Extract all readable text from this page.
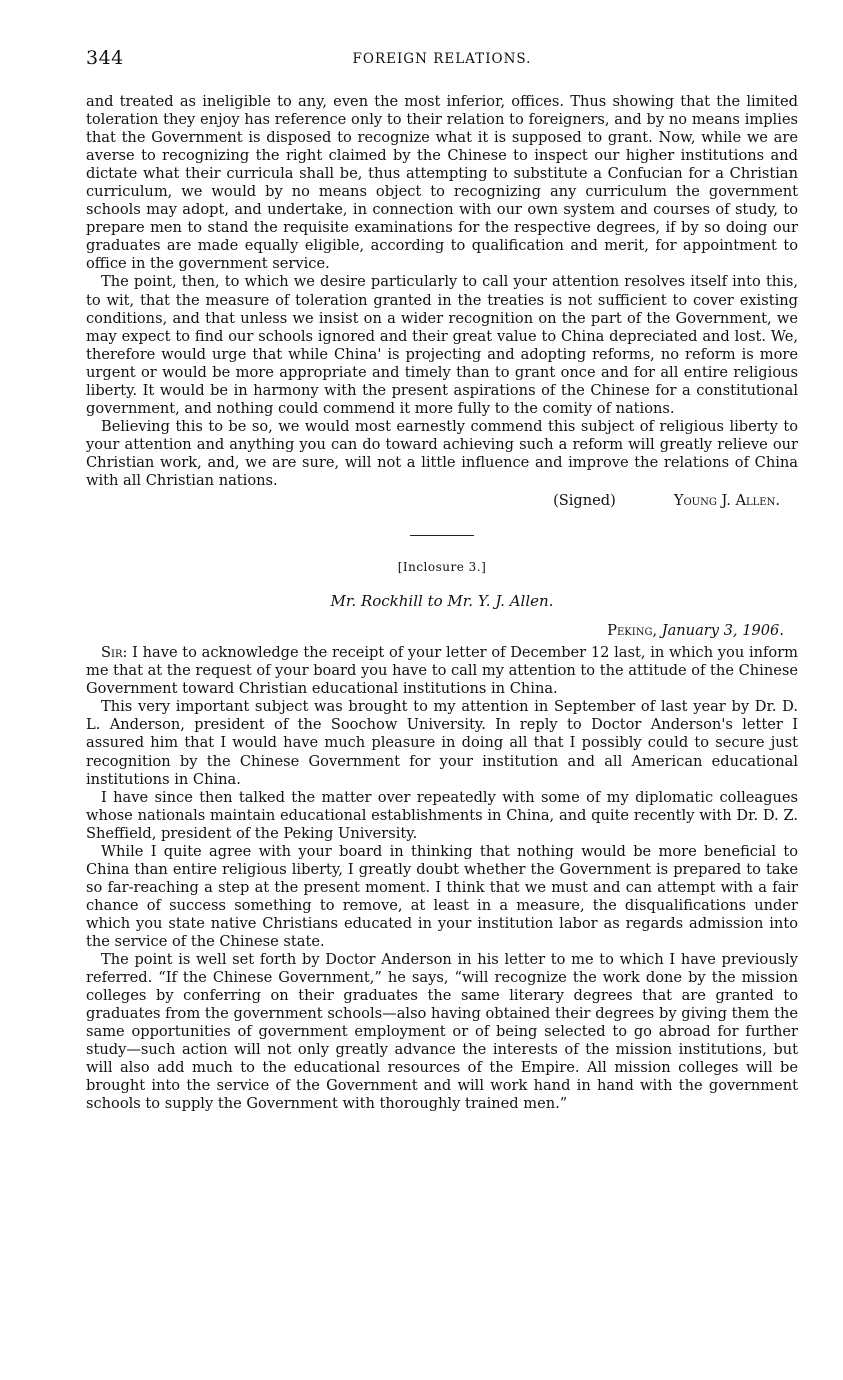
344	FOREIGN RELATIONS.

and treated as ineligible to any, even the most inferior, offices. Thus showing that the limited toleration they enjoy has reference only to their relation to foreigners, and by no means implies that the Government is disposed to recognize what it is supposed to grant. Now, while we are averse to recognizing the right claimed by the Chinese to inspect our higher institutions and dictate what their curricula shall be, thus attempting to substitute a Confucian for a Christian curriculum, we would by no means object to recognizing any curriculum the government schools may adopt, and undertake, in connection with our own system and courses of study, to prepare men to stand the requisite examinations for the respective degrees, if by so doing our graduates are made equally eligible, according to qualification and merit, for appointment to office in the government service.

The point, then, to which we desire particularly to call your attention resolves itself into this, to wit, that the measure of toleration granted in the treaties is not sufficient to cover existing conditions, and that unless we insist on a wider recognition on the part of the Government, we may expect to find our schools ignored and their great value to China depreciated and lost. We, therefore would urge that while China' is projecting and adopting reforms, no reform is more urgent or would be more appropriate and timely than to grant once and for all entire religious liberty. It would be in harmony with the present aspirations of the Chinese for a constitutional government, and nothing could commend it more fully to the comity of nations.

Believing this to be so, we would most earnestly commend this subject of religious liberty to your attention and anything you can do toward achieving such a reform will greatly relieve our Christian work, and, we are sure, will not a little influence and improve the relations of China with all Christian nations.

(Signed)	Young J. Allen.
[Inclosure 3.]
Mr. Rockhill to Mr. Y. J. Allen.
Peking, January 3, 1906.

Sir: I have to acknowledge the receipt of your letter of December 12 last, in which you inform me that at the request of your board you have to call my attention to the attitude of the Chinese Government toward Christian educational institutions in China.

This very important subject was brought to my attention in September of last year by Dr. D. L. Anderson, president of the Soochow University. In reply to Doctor Anderson's letter I assured him that I would have much pleasure in doing all that I possibly could to secure just recognition by the Chinese Government for your institution and all American educational institutions in China.

I have since then talked the matter over repeatedly with some of my diplomatic colleagues whose nationals maintain educational establishments in China, and quite recently with Dr. D. Z. Sheffield, president of the Peking University.

While I quite agree with your board in thinking that nothing would be more beneficial to China than entire religious liberty, I greatly doubt whether the Government is prepared to take so far-reaching a step at the present moment. I think that we must and can attempt with a fair chance of success something to remove, at least in a measure, the disqualifications under which you state native Christians educated in your institution labor as regards admission into the service of the Chinese state.

The point is well set forth by Doctor Anderson in his letter to me to which I have previously referred. “If the Chinese Government,” he says, “will recognize the work done by the mission colleges by conferring on their graduates the same literary degrees that are granted to graduates from the government schools—also having obtained their degrees by giving them the same opportunities of government employment or of being selected to go abroad for further study—such action will not only greatly advance the interests of the mission institutions, but will also add much to the educational resources of the Empire. All mission colleges will be brought into the service of the Government and will work hand in hand with the government schools to supply the Government with thoroughly trained men.”
